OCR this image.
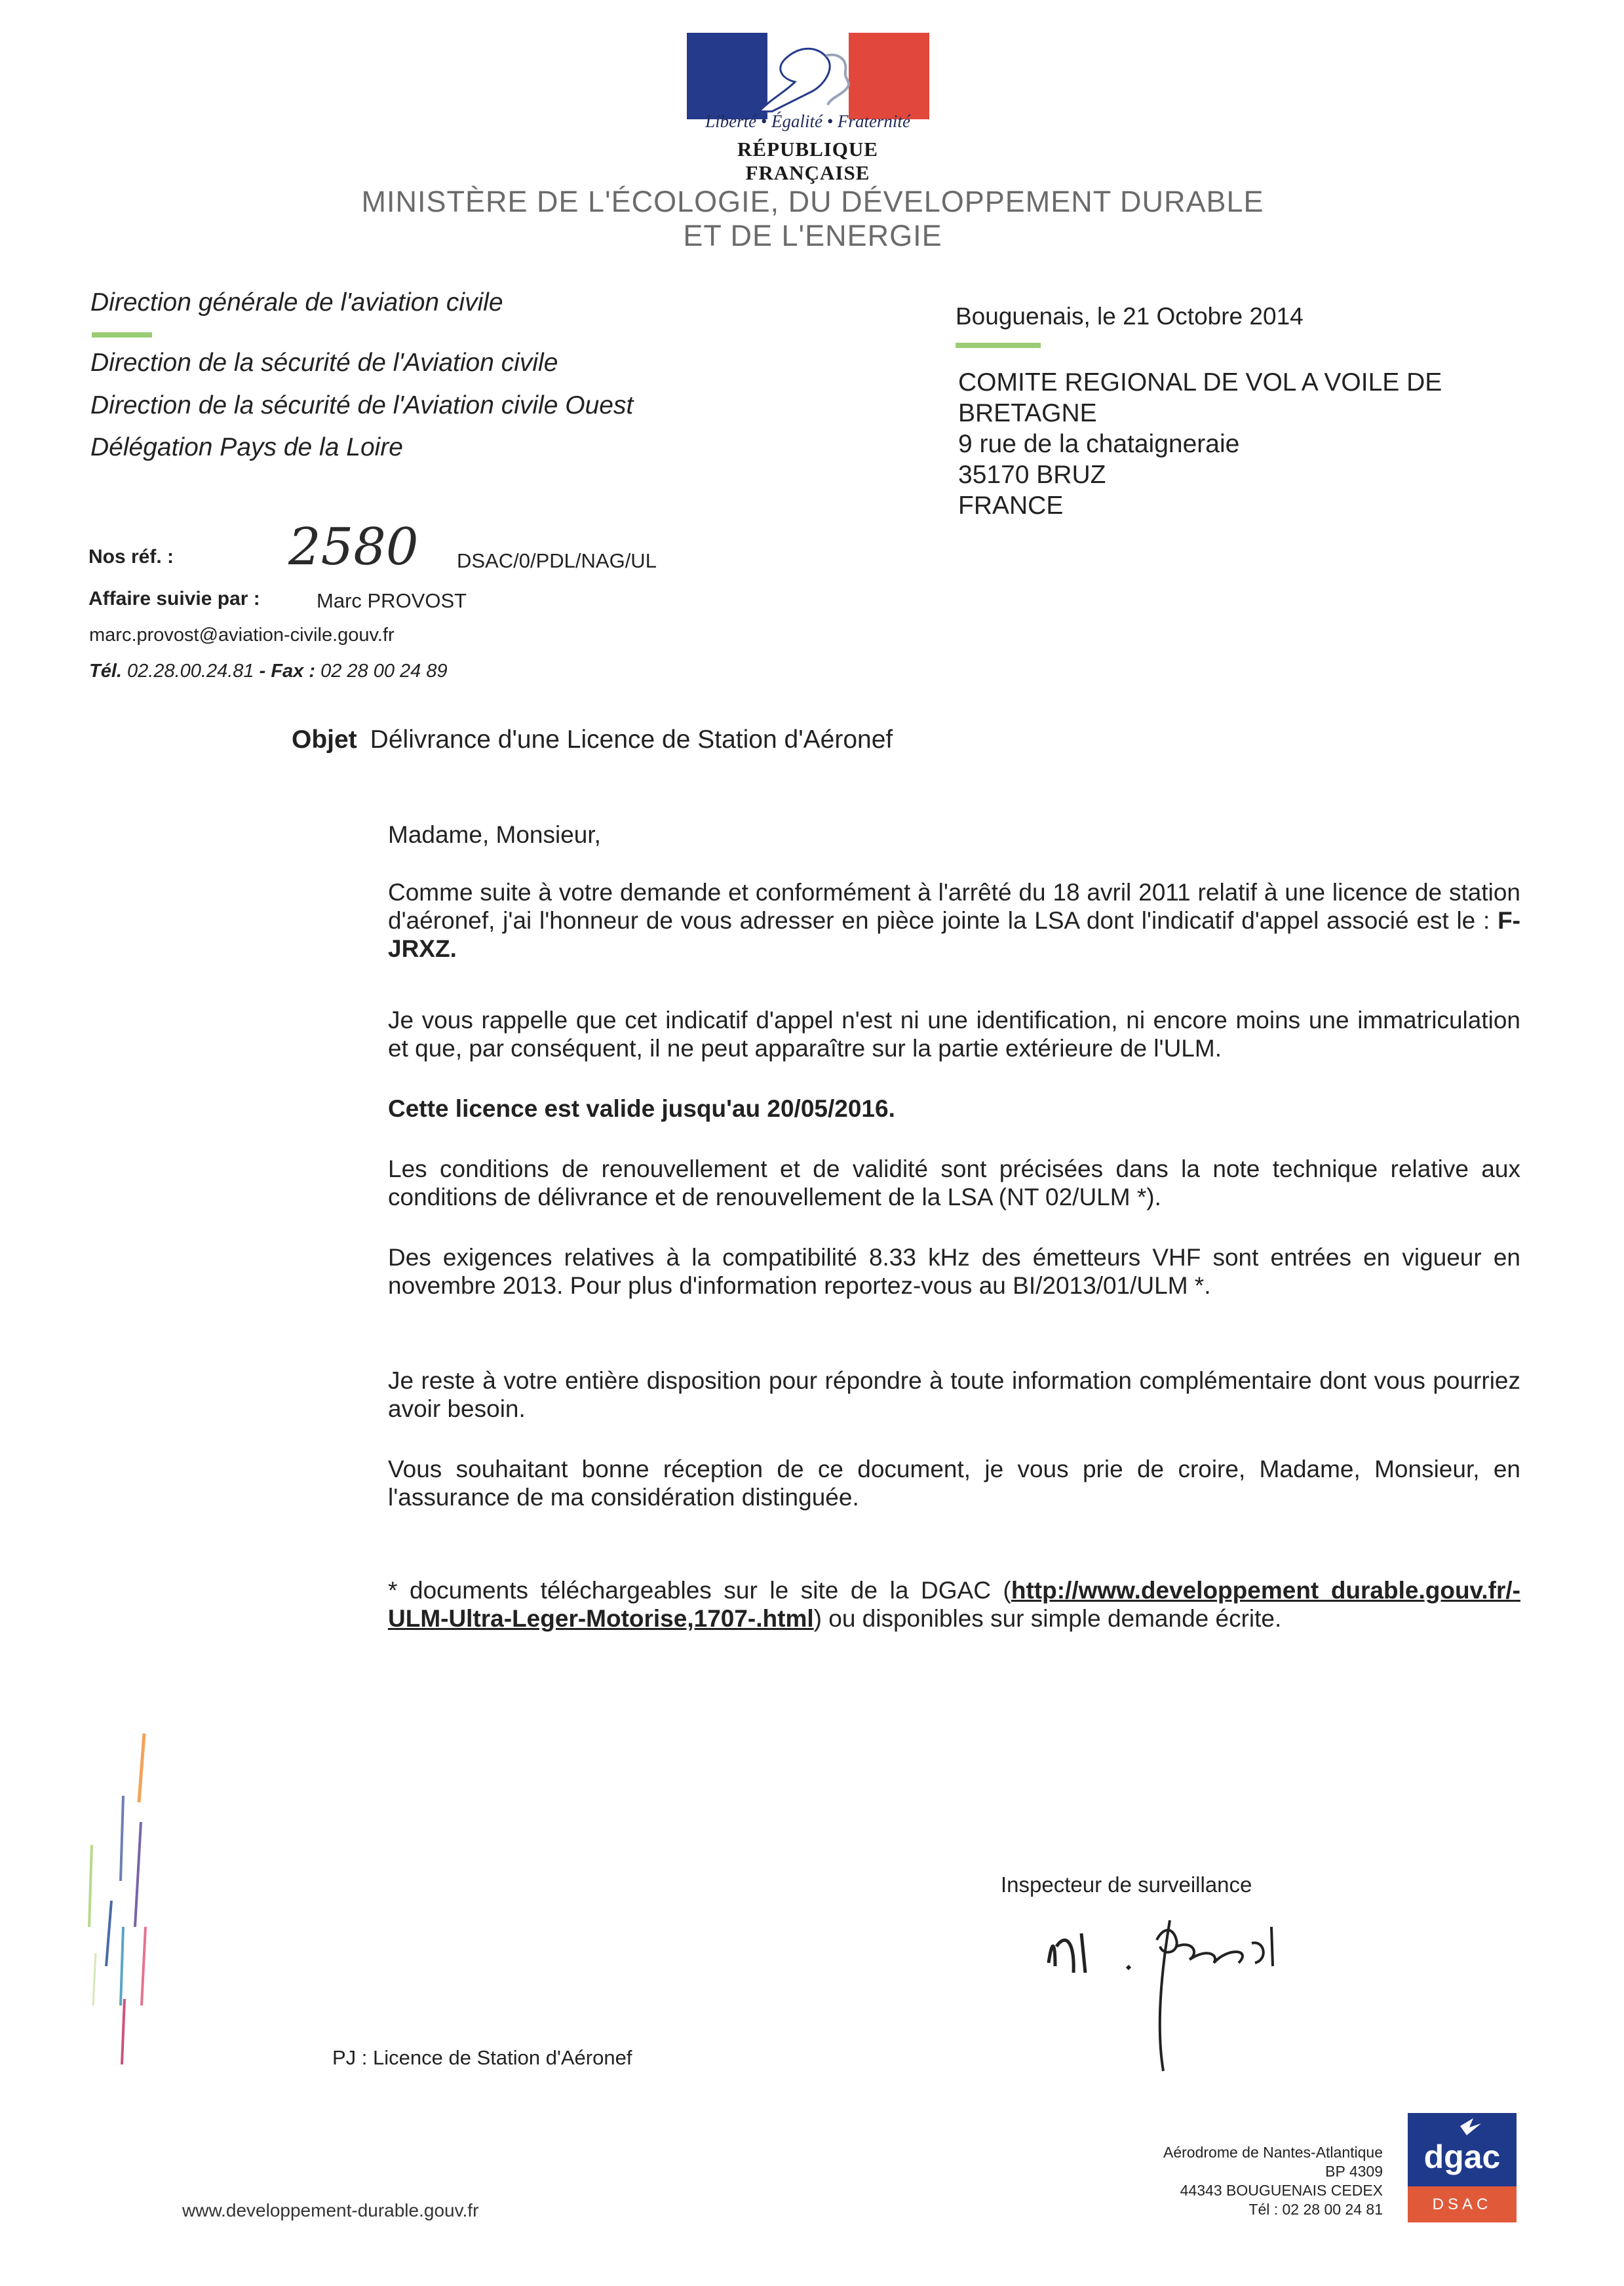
Liberté • Égalité • Fraternité
RÉPUBLIQUE FRANÇAISE
MINISTÈRE DE L'ÉCOLOGIE, DU DÉVELOPPEMENT DURABLE
ET DE L'ENERGIE
Direction générale de l'aviation civile
Direction de la sécurité de l'Aviation civile
Direction de la sécurité de l'Aviation civile Ouest
Délégation Pays de la Loire
Bouguenais, le 21 Octobre 2014
COMITE REGIONAL DE VOL A VOILE DE
BRETAGNE
9 rue de la chataigneraie
35170 BRUZ
FRANCE
Nos réf. : 2580 DSAC/0/PDL/NAG/UL
Affaire suivie par :	Marc PROVOST
marc.provost@aviation-civile.gouv.fr
Tél. 02.28.00.24.81 - Fax : 02 28 00 24 89
Objet Délivrance d'une Licence de Station d'Aéronef
Madame, Monsieur,
Comme suite à votre demande et conformément à l'arrêté du 18 avril 2011 relatif à une licence de station d'aéronef, j'ai l'honneur de vous adresser en pièce jointe la LSA dont l'indicatif d'appel associé est le : F-JRXZ.
Je vous rappelle que cet indicatif d'appel n'est ni une identification, ni encore moins une immatriculation et que, par conséquent, il ne peut apparaître sur la partie extérieure de l'ULM.
Cette licence est valide jusqu'au 20/05/2016.
Les conditions de renouvellement et de validité sont précisées dans la note technique relative aux conditions de délivrance et de renouvellement de la LSA (NT 02/ULM *).
Des exigences relatives à la compatibilité 8.33 kHz des émetteurs VHF sont entrées en vigueur en novembre 2013. Pour plus d'information reportez-vous au BI/2013/01/ULM *.
Je reste à votre entière disposition pour répondre à toute information complémentaire dont vous pourriez avoir besoin.
Vous souhaitant bonne réception de ce document, je vous prie de croire, Madame, Monsieur, en l'assurance de ma considération distinguée.
* documents téléchargeables sur le site de la DGAC (http://www.developpement durable.gouv.fr/-ULM-Ultra-Leger-Motorise,1707-.html) ou disponibles sur simple demande écrite.
Inspecteur de surveillance
PJ : Licence de Station d'Aéronef
www.developpement-durable.gouv.fr
Aérodrome de Nantes-Atlantique
BP 4309
44343 BOUGUENAIS CEDEX
Tél : 02 28 00 24 81
dgac
DSAC
